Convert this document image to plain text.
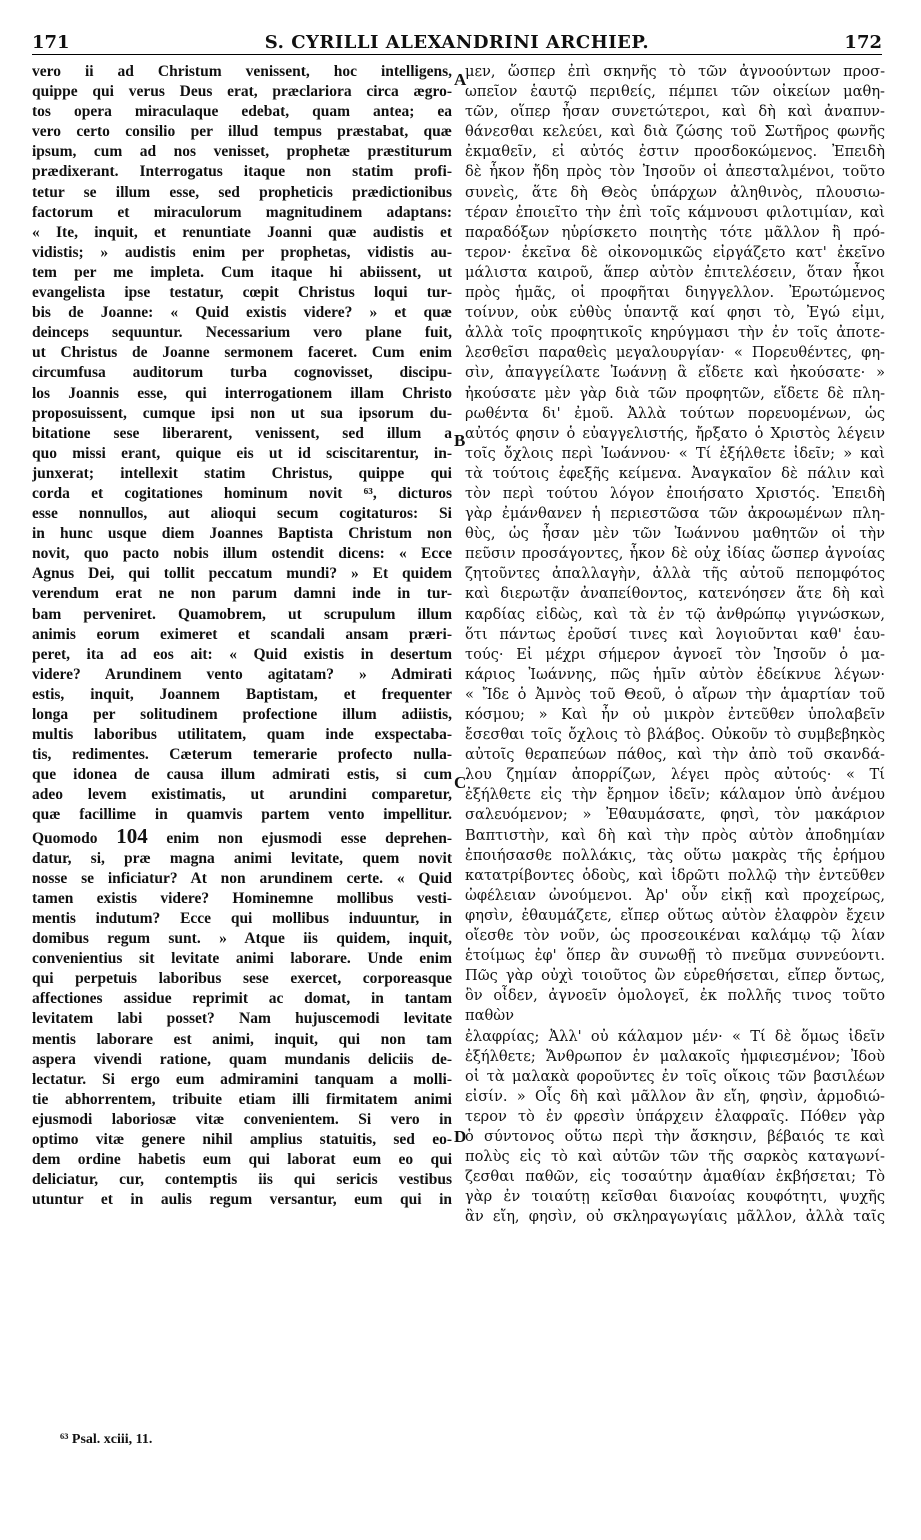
S. CYRILLI ALEXANDRINI ARCHIEP.
171	172

vero ii ad Christum venissent, hoc intelligens,

quippe qui verus Deus erat, præclariora circa ægro-

tos opera miraculaque edebat, quam antea; ea

vero certo consilio per illud tempus præstabat, quæ

ipsum, cum ad nos venisset, prophetæ præstiturum

prædixerant. Interrogatus itaque non statim profi-

tetur se illum esse, sed propheticis prædictionibus

factorum et miraculorum magnitudinem adaptans:

« Ite, inquit, et renuntiate Joanni quæ audistis et

vidistis; » audistis enim per prophetas, vidistis au-

tem per me impleta. Cum itaque hi abiissent, ut

evangelista ipse testatur, cœpit Christus loqui tur-

bis de Joanne: « Quid existis videre? » et quæ

deinceps sequuntur. Necessarium vero plane fuit,

ut Christus de Joanne sermonem faceret. Cum enim

circumfusa auditorum turba cognovisset, discipu-

los Joannis esse, qui interrogationem illam Christo

proposuissent, cumque ipsi non ut sua ipsorum du-

bitatione sese liberarent, venissent, sed illum a

quo missi erant, quique eis ut id sciscitarentur, in-

junxerat; intellexit statim Christus, quippe qui

corda et cogitationes hominum novit ⁶³, dicturos

esse nonnullos, aut alioqui secum cogitaturos: Si

in hunc usque diem Joannes Baptista Christum non

novit, quo pacto nobis illum ostendit dicens: « Ecce

Agnus Dei, qui tollit peccatum mundi? » Et quidem

verendum erat ne non parum damni inde in tur-

bam perveniret. Quamobrem, ut scrupulum illum

animis eorum eximeret et scandali ansam præri-

peret, ita ad eos ait: « Quid existis in desertum

videre? Arundinem vento agitatam? » Admirati

estis, inquit, Joannem Baptistam, et frequenter

longa per solitudinem profectione illum adiistis,

multis laboribus utilitatem, quam inde exspectaba-

tis, redimentes. Cæterum temerarie profecto nulla-

que idonea de causa illum admirati estis, si cum

adeo levem existimatis, ut arundini comparetur,

quæ facillime in quamvis partem vento impellitur.

Quomodo 104 enim non ejusmodi esse deprehen-

datur, si, præ magna animi levitate, quem novit

nosse se inficiatur? At non arundinem certe. « Quid

tamen existis videre? Hominemne mollibus vesti-

mentis indutum? Ecce qui mollibus induuntur, in

domibus regum sunt. » Atque iis quidem, inquit,

convenientius sit levitate animi laborare. Unde enim

qui perpetuis laboribus sese exercet, corporeasque

affectiones assidue reprimit ac domat, in tantam

levitatem labi posset? Nam hujuscemodi levitate

mentis laborare est animi, inquit, qui non tam

aspera vivendi ratione, quam mundanis deliciis de-

lectatur. Si ergo eum admiramini tanquam a molli-

tie abhorrentem, tribuite etiam illi firmitatem animi

ejusmodi laboriosæ vitæ convenientem. Si vero in

optimo vitæ genere nihil amplius statuitis, sed eo-

dem ordine habetis eum qui laborat eum eo qui

deliciatur, cur, contemptis iis qui sericis vestibus

utuntur et in aulis regum versantur, eum qui in

μεν, ὥσπερ ἐπὶ σκηνῆς τὸ τῶν ἀγνοούντων προσ-

ωπεῖον ἑαυτῷ περιθείς, πέμπει τῶν οἰκείων μαθη-

τῶν, οἵπερ ἦσαν συνετώτεροι, καὶ δὴ καὶ ἀναπυν-

θάνεσθαι κελεύει, καὶ διὰ ζώσης τοῦ Σωτῆρος φωνῆς

ἐκμαθεῖν, εἰ αὐτός ἐστιν προσδοκώμενος. Ἐπειδὴ

δὲ ἧκον ἤδη πρὸς τὸν Ἰησοῦν οἱ ἀπεσταλμένοι, τοῦτο

συνεὶς, ἅτε δὴ Θεὸς ὑπάρχων ἀληθινὸς, πλουσιω-

τέραν ἐποιεῖτο τὴν ἐπὶ τοῖς κάμνουσι φιλοτιμίαν, καὶ

παραδόξων ηὑρίσκετο ποιητὴς τότε μᾶλλον ἢ πρό-

τερον· ἐκεῖνα δὲ οἰκονομικῶς εἰργάζετο κατ' ἐκεῖνο

μάλιστα καιροῦ, ἅπερ αὐτὸν ἐπιτελέσειν, ὅταν ἧκοι

πρὸς ἡμᾶς, οἱ προφῆται διηγγελλον. Ἐρωτώμενος

τοίνυν, οὐκ εὐθὺς ὑπαντᾷ καί φησι τὸ, Ἐγώ εἰμι,

ἀλλὰ τοῖς προφητικοῖς κηρύγμασι τὴν ἐν τοῖς ἀποτε-

λεσθεῖσι παραθεὶς μεγαλουργίαν· « Πορευθέντες, φη-

σὶν, ἀπαγγείλατε Ἰωάννῃ ἃ εἴδετε καὶ ἠκούσατε· »

ἠκούσατε μὲν γὰρ διὰ τῶν προφητῶν, εἴδετε δὲ πλη-

ρωθέντα δι' ἐμοῦ. Ἀλλὰ τούτων πορευομένων, ὡς

αὐτός φησιν ὁ εὐαγγελιστής, ἤρξατο ὁ Χριστὸς λέγειν

τοῖς ὄχλοις περὶ Ἰωάννου· « Τί ἐξήλθετε ἰδεῖν; » καὶ

τὰ τούτοις ἐφεξῆς κείμενα. Ἀναγκαῖον δὲ πάλιν καὶ

τὸν περὶ τούτου λόγον ἐποιήσατο Χριστός. Ἐπειδὴ

γὰρ ἐμάνθανεν ἡ περιεστῶσα τῶν ἀκροωμένων πλη-

θὺς, ὡς ἦσαν μὲν τῶν Ἰωάννου μαθητῶν οἱ τὴν

πεῦσιν προσάγοντες, ἧκον δὲ οὐχ ἰδίας ὥσπερ ἀγνοίας

ζητοῦντες ἀπαλλαγὴν, ἀλλὰ τῆς αὐτοῦ πεπομφότος

καὶ διερωτᾷν ἀναπείθοντος, κατενόησεν ἅτε δὴ καὶ

καρδίας εἰδὼς, καὶ τὰ ἐν τῷ ἀνθρώπῳ γιγνώσκων,

ὅτι πάντως ἐροῦσί τινες καὶ λογιοῦνται καθ' ἑαυ-

τούς· Εἰ μέχρι σήμερον ἀγνοεῖ τὸν Ἰησοῦν ὁ μα-

κάριος Ἰωάννης, πῶς ἡμῖν αὐτὸν ἐδείκνυε λέγων·

« Ἴδε ὁ Ἀμνὸς τοῦ Θεοῦ, ὁ αἴρων τὴν ἁμαρτίαν τοῦ

κόσμου; » Καὶ ἦν οὐ μικρὸν ἐντεῦθεν ὑπολαβεῖν

ἔσεσθαι τοῖς ὄχλοις τὸ βλάβος. Οὐκοῦν τὸ συμβεβηκὸς

αὐτοῖς θεραπεύων πάθος, καὶ τὴν ἀπὸ τοῦ σκανδά-

λου ζημίαν ἀπορρίζων, λέγει πρὸς αὐτούς· « Τί

ἐξήλθετε εἰς τὴν ἔρημον ἰδεῖν; κάλαμον ὑπὸ ἀνέμου

σαλευόμενον; » Ἐθαυμάσατε, φησὶ, τὸν μακάριον

Βαπτιστὴν, καὶ δὴ καὶ τὴν πρὸς αὐτὸν ἀποδημίαν

ἐποιήσασθε πολλάκις, τὰς οὕτω μακρὰς τῆς ἐρήμου

κατατρίβοντες ὁδοὺς, καὶ ἱδρῶτι πολλῷ τὴν ἐντεῦθεν

ὠφέλειαν ὠνούμενοι. Ἀρ' οὖν εἰκῇ καὶ προχείρως,

φησὶν, ἐθαυμάζετε, εἴπερ οὕτως αὐτὸν ἐλαφρὸν ἔχειν

οἴεσθε τὸν νοῦν, ὡς προσεοικέναι καλάμῳ τῷ λίαν

ἑτοίμως ἐφ' ὅπερ ἂν συνωθῇ τὸ πνεῦμα συννεύοντι.

Πῶς γὰρ οὐχὶ τοιοῦτος ὢν εὑρεθήσεται, εἴπερ ὄντως,

ὃν οἶδεν, ἀγνοεῖν ὁμολογεῖ, ἐκ πολλῆς τινος τοῦτο παθὼν

ἐλαφρίας; Ἀλλ' οὐ κάλαμον μέν· « Τί δὲ ὅμως ἰδεῖν

ἐξήλθετε; Ἄνθρωπον ἐν μαλακοῖς ἠμφιεσμένον; Ἰδοὺ

οἱ τὰ μαλακὰ φοροῦντες ἐν τοῖς οἴκοις τῶν βασιλέων

εἰσίν. » Οἷς δὴ καὶ μᾶλλον ἂν εἴη, φησὶν, ἁρμοδιώ-

τερον τὸ ἐν φρεσὶν ὑπάρχειν ἐλαφραῖς. Πόθεν γὰρ

ὁ σύντονος οὕτω περὶ τὴν ἄσκησιν, βέβαιός τε καὶ

πολὺς εἰς τὸ καὶ αὐτῶν τῶν τῆς σαρκὸς καταγωνί-

ζεσθαι παθῶν, εἰς τοσαύτην ἀμαθίαν ἐκβήσεται; Τὸ

γὰρ ἐν τοιαύτῃ κεῖσθαι διανοίας κουφότητι, ψυχῆς

ἂν εἴη, φησὶν, οὐ σκληραγωγίαις μᾶλλον, ἀλλὰ ταῖς

A
B
C
D
⁶³ Psal. xciii, 11.
